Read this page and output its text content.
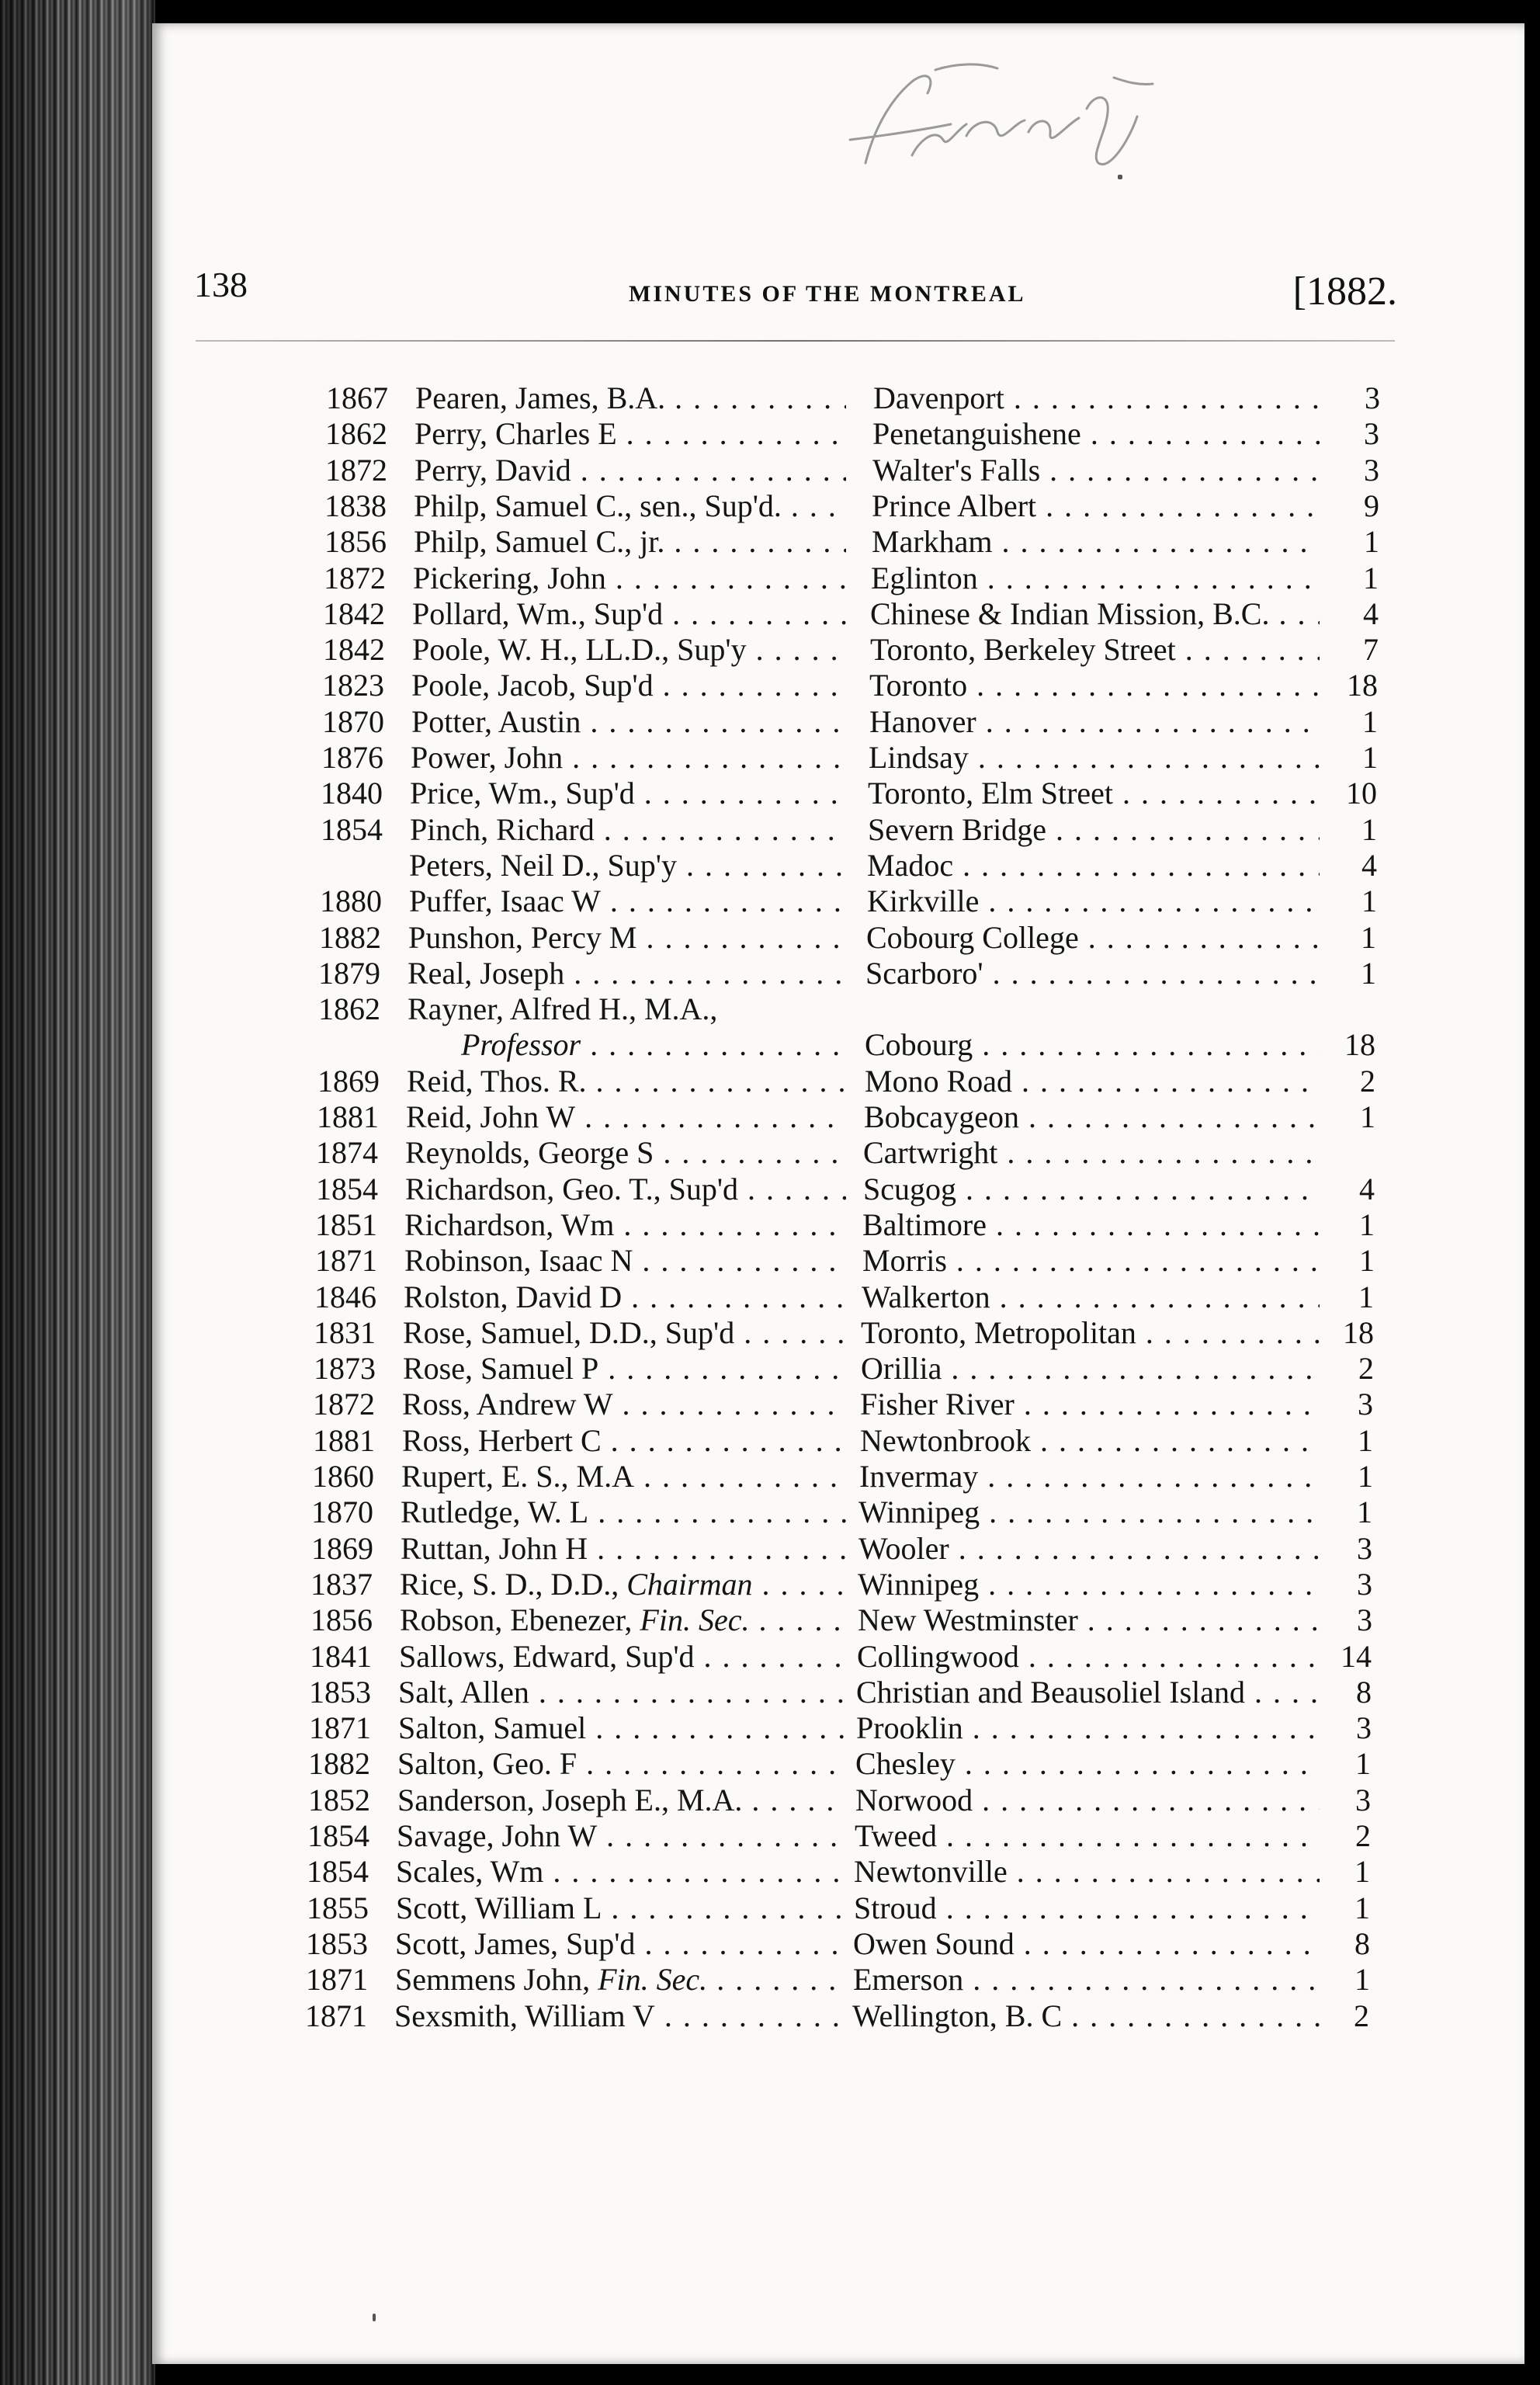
138	MINUTES OF THE MONTREAL	[1882.
1867 Pearen, James, B.A. . . .	Davenport . . .	3
1862 Perry, Charles E . . .	Penetanguishene . . .	3
1872 Perry, David . . .	Walter's Falls . . .	3
1838 Philp, Samuel C., sen., Sup'd. . . .	Prince Albert . . .	9
1856 Philp, Samuel C., jr. . . .	Markham . . .	1
1872 Pickering, John . . .	Eglinton . . .	1
1842 Pollard, Wm., Sup'd . . .	Chinese & Indian Mission, B.C. . . .	4
1842 Poole, W. H., LL.D., Sup'y . . .	Toronto, Berkeley Street . . .	7
1823 Poole, Jacob, Sup'd . . .	Toronto . . .	18
1870 Potter, Austin . . .	Hanover . . .	1
1876 Power, John . . .	Lindsay . . .	1
1840 Price, Wm., Sup'd . . .	Toronto, Elm Street . . .	10
1854 Pinch, Richard . . .	Severn Bridge . . .	1
Peters, Neil D., Sup'y . . .	Madoc . . .	4
1880 Puffer, Isaac W . . .	Kirkville . . .	1
1882 Punshon, Percy M . . .	Cobourg College . . .	1
1879 Real, Joseph . . .	Scarboro' . . .	1
1862 Rayner, Alfred H., M.A.,
Professor . . .	Cobourg . . .	18
1869 Reid, Thos. R. . . .	Mono Road . . .	2
1881 Reid, John W . . .	Bobcaygeon . . .	1
1874 Reynolds, George S . . .	Cartwright . . .
1854 Richardson, Geo. T., Sup'd . . .	Scugog . . .	4
1851 Richardson, Wm . . .	Baltimore . . .	1
1871 Robinson, Isaac N . . .	Morris . . .	1
1846 Rolston, David D . . .	Walkerton . . .	1
1831 Rose, Samuel, D.D., Sup'd . . .	Toronto, Metropolitan . . .	18
1873 Rose, Samuel P . . .	Orillia . . .	2
1872 Ross, Andrew W . . .	Fisher River . . .	3
1881 Ross, Herbert C . . .	Newtonbrook . . .	1
1860 Rupert, E. S., M.A . . .	Invermay . . .	1
1870 Rutledge, W. L . . .	Winnipeg . . .	1
1869 Ruttan, John H . . .	Wooler . . .	3
1837 Rice, S. D., D.D., Chairman . . .	Winnipeg . . .	3
1856 Robson, Ebenezer, Fin. Sec. . . .	New Westminster . . .	3
1841 Sallows, Edward, Sup'd . . .	Collingwood . . .	14
1853 Salt, Allen . . .	Christian and Beausoliel Island . . .	8
1871 Salton, Samuel . . .	Prooklin . . .	3
1882 Salton, Geo. F . . .	Chesley . . .	1
1852 Sanderson, Joseph E., M.A. . . .	Norwood . . .	3
1854 Savage, John W . . .	Tweed . . .	2
1854 Scales, Wm . . .	Newtonville . . .	1
1855 Scott, William L . . .	Stroud . . .	1
1853 Scott, James, Sup'd . . .	Owen Sound . . .	8
1871 Semmens John, Fin. Sec. . . .	Emerson . . .	1
1871 Sexsmith, William V . . .	Wellington, B. C . . .	2
